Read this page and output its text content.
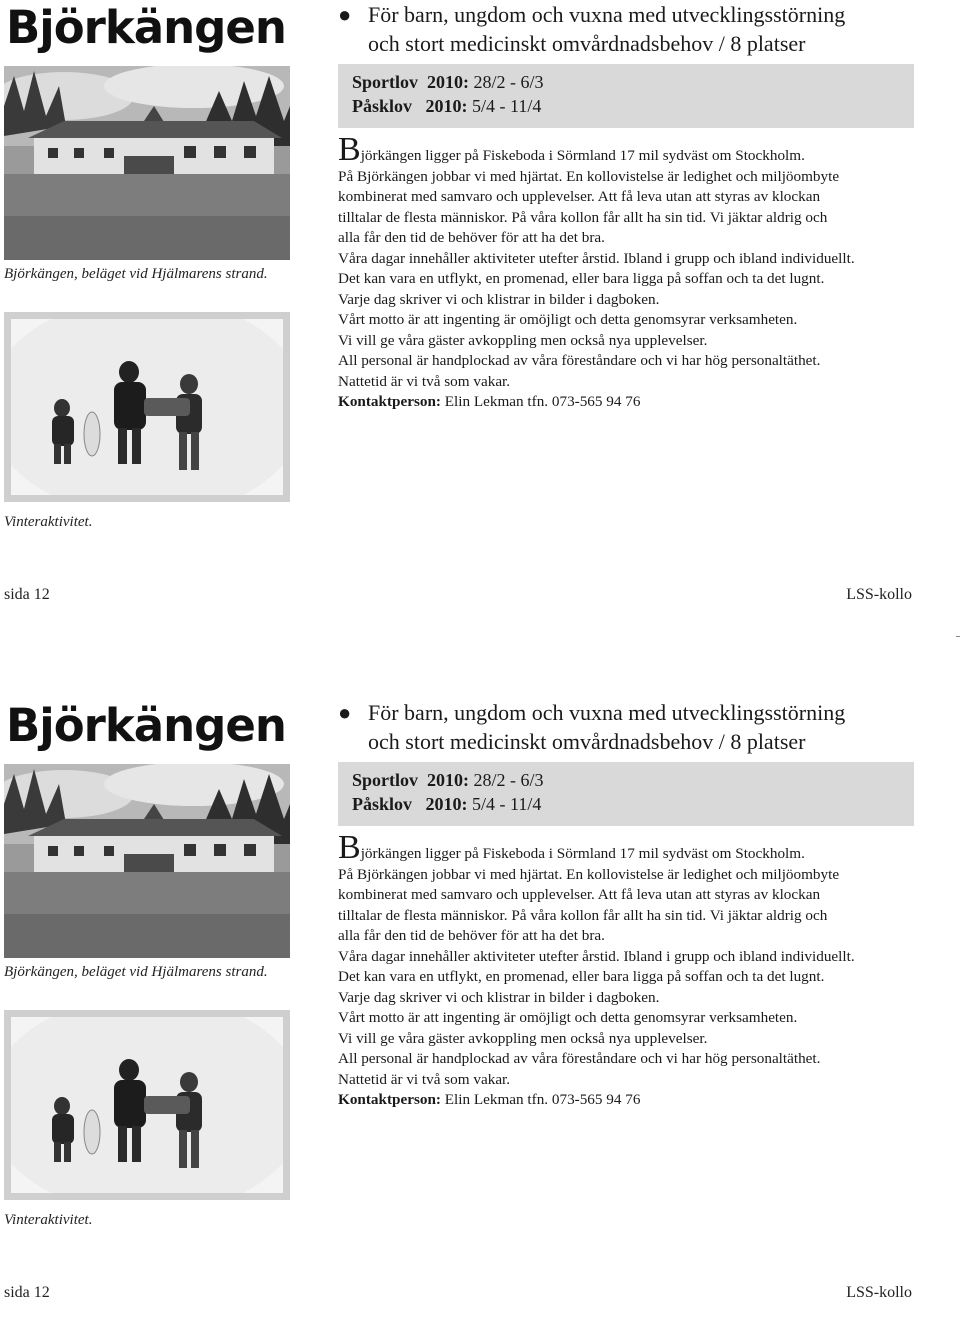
Björkängen
Björkängen, beläget vid Hjälmarens strand.
Vinteraktivitet.
● För barn, ungdom och vuxna med utvecklingsstörning
och stort medicinskt omvårdnadsbehov / 8 platser
Sportlov 2010: 28/2 - 6/3
Påsklov 2010: 5/4 - 11/4

Björkängen ligger på Fiskeboda i Sörmland 17 mil sydväst om Stockholm.

På Björkängen jobbar vi med hjärtat. En kollovistelse är ledighet och miljöombyte

kombinerat med samvaro och upplevelser. Att få leva utan att styras av klockan

tilltalar de flesta människor. På våra kollon får allt ha sin tid. Vi jäktar aldrig och

alla får den tid de behöver för att ha det bra.

Våra dagar innehåller aktiviteter utefter årstid. Ibland i grupp och ibland individuellt.

Det kan vara en utflykt, en promenad, eller bara ligga på soffan och ta det lugnt.

Varje dag skriver vi och klistrar in bilder i dagboken.

Vårt motto är att ingenting är omöjligt och detta genomsyrar verksamheten.

Vi vill ge våra gäster avkoppling men också nya upplevelser.

All personal är handplockad av våra föreståndare och vi har hög personaltäthet.

Nattetid är vi två som vakar.

Kontaktperson: Elin Lekman tfn. 073-565 94 76

sida 12	LSS-kollo
Björkängen
Björkängen, beläget vid Hjälmarens strand.
Vinteraktivitet.
● För barn, ungdom och vuxna med utvecklingsstörning
och stort medicinskt omvårdnadsbehov / 8 platser
Sportlov 2010: 28/2 - 6/3
Påsklov 2010: 5/4 - 11/4

Björkängen ligger på Fiskeboda i Sörmland 17 mil sydväst om Stockholm.

På Björkängen jobbar vi med hjärtat. En kollovistelse är ledighet och miljöombyte

kombinerat med samvaro och upplevelser. Att få leva utan att styras av klockan

tilltalar de flesta människor. På våra kollon får allt ha sin tid. Vi jäktar aldrig och

alla får den tid de behöver för att ha det bra.

Våra dagar innehåller aktiviteter utefter årstid. Ibland i grupp och ibland individuellt.

Det kan vara en utflykt, en promenad, eller bara ligga på soffan och ta det lugnt.

Varje dag skriver vi och klistrar in bilder i dagboken.

Vårt motto är att ingenting är omöjligt och detta genomsyrar verksamheten.

Vi vill ge våra gäster avkoppling men också nya upplevelser.

All personal är handplockad av våra föreståndare och vi har hög personaltäthet.

Nattetid är vi två som vakar.

Kontaktperson: Elin Lekman tfn. 073-565 94 76

sida 12	LSS-kollo
